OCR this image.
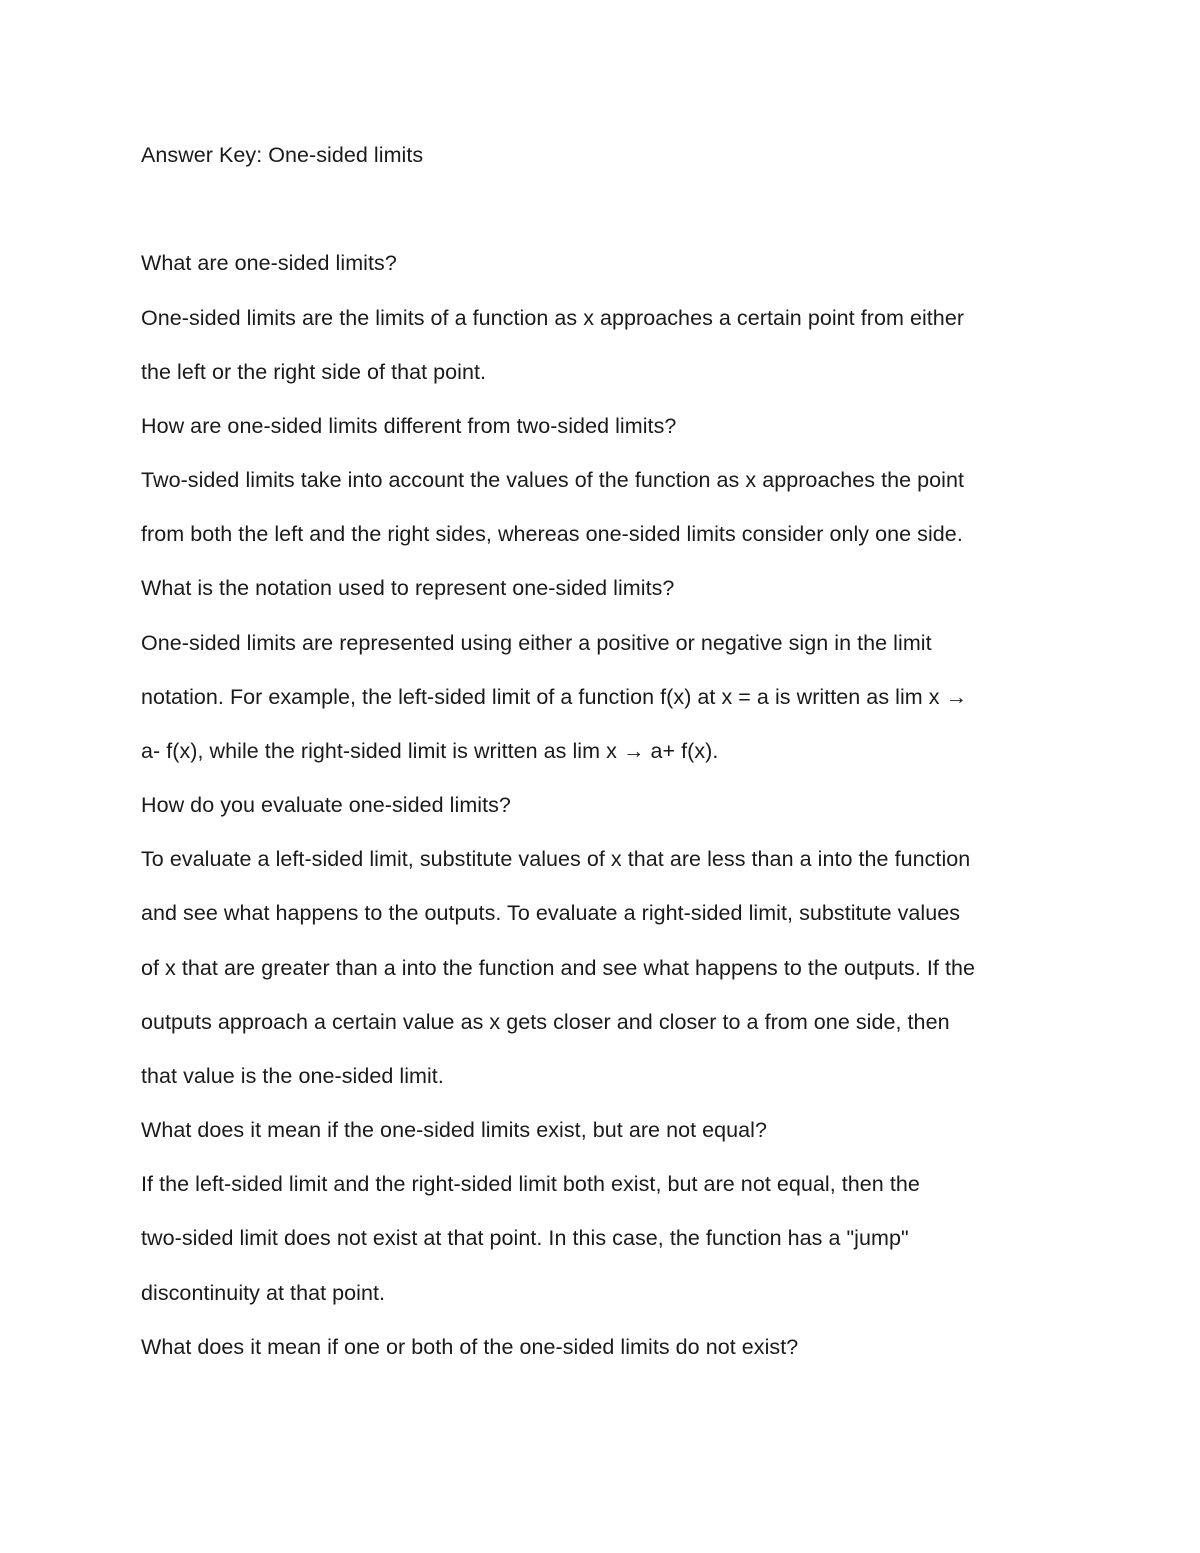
Answer Key: One-sided limits

What are one-sided limits?

One-sided limits are the limits of a function as x approaches a certain point from either

the left or the right side of that point.

How are one-sided limits different from two-sided limits?

Two-sided limits take into account the values of the function as x approaches the point

from both the left and the right sides, whereas one-sided limits consider only one side.

What is the notation used to represent one-sided limits?

One-sided limits are represented using either a positive or negative sign in the limit

notation. For example, the left-sided limit of a function f(x) at x = a is written as lim x →

a- f(x), while the right-sided limit is written as lim x → a+ f(x).

How do you evaluate one-sided limits?

To evaluate a left-sided limit, substitute values of x that are less than a into the function

and see what happens to the outputs. To evaluate a right-sided limit, substitute values

of x that are greater than a into the function and see what happens to the outputs. If the

outputs approach a certain value as x gets closer and closer to a from one side, then

that value is the one-sided limit.

What does it mean if the one-sided limits exist, but are not equal?

If the left-sided limit and the right-sided limit both exist, but are not equal, then the

two-sided limit does not exist at that point. In this case, the function has a "jump"

discontinuity at that point.

What does it mean if one or both of the one-sided limits do not exist?
